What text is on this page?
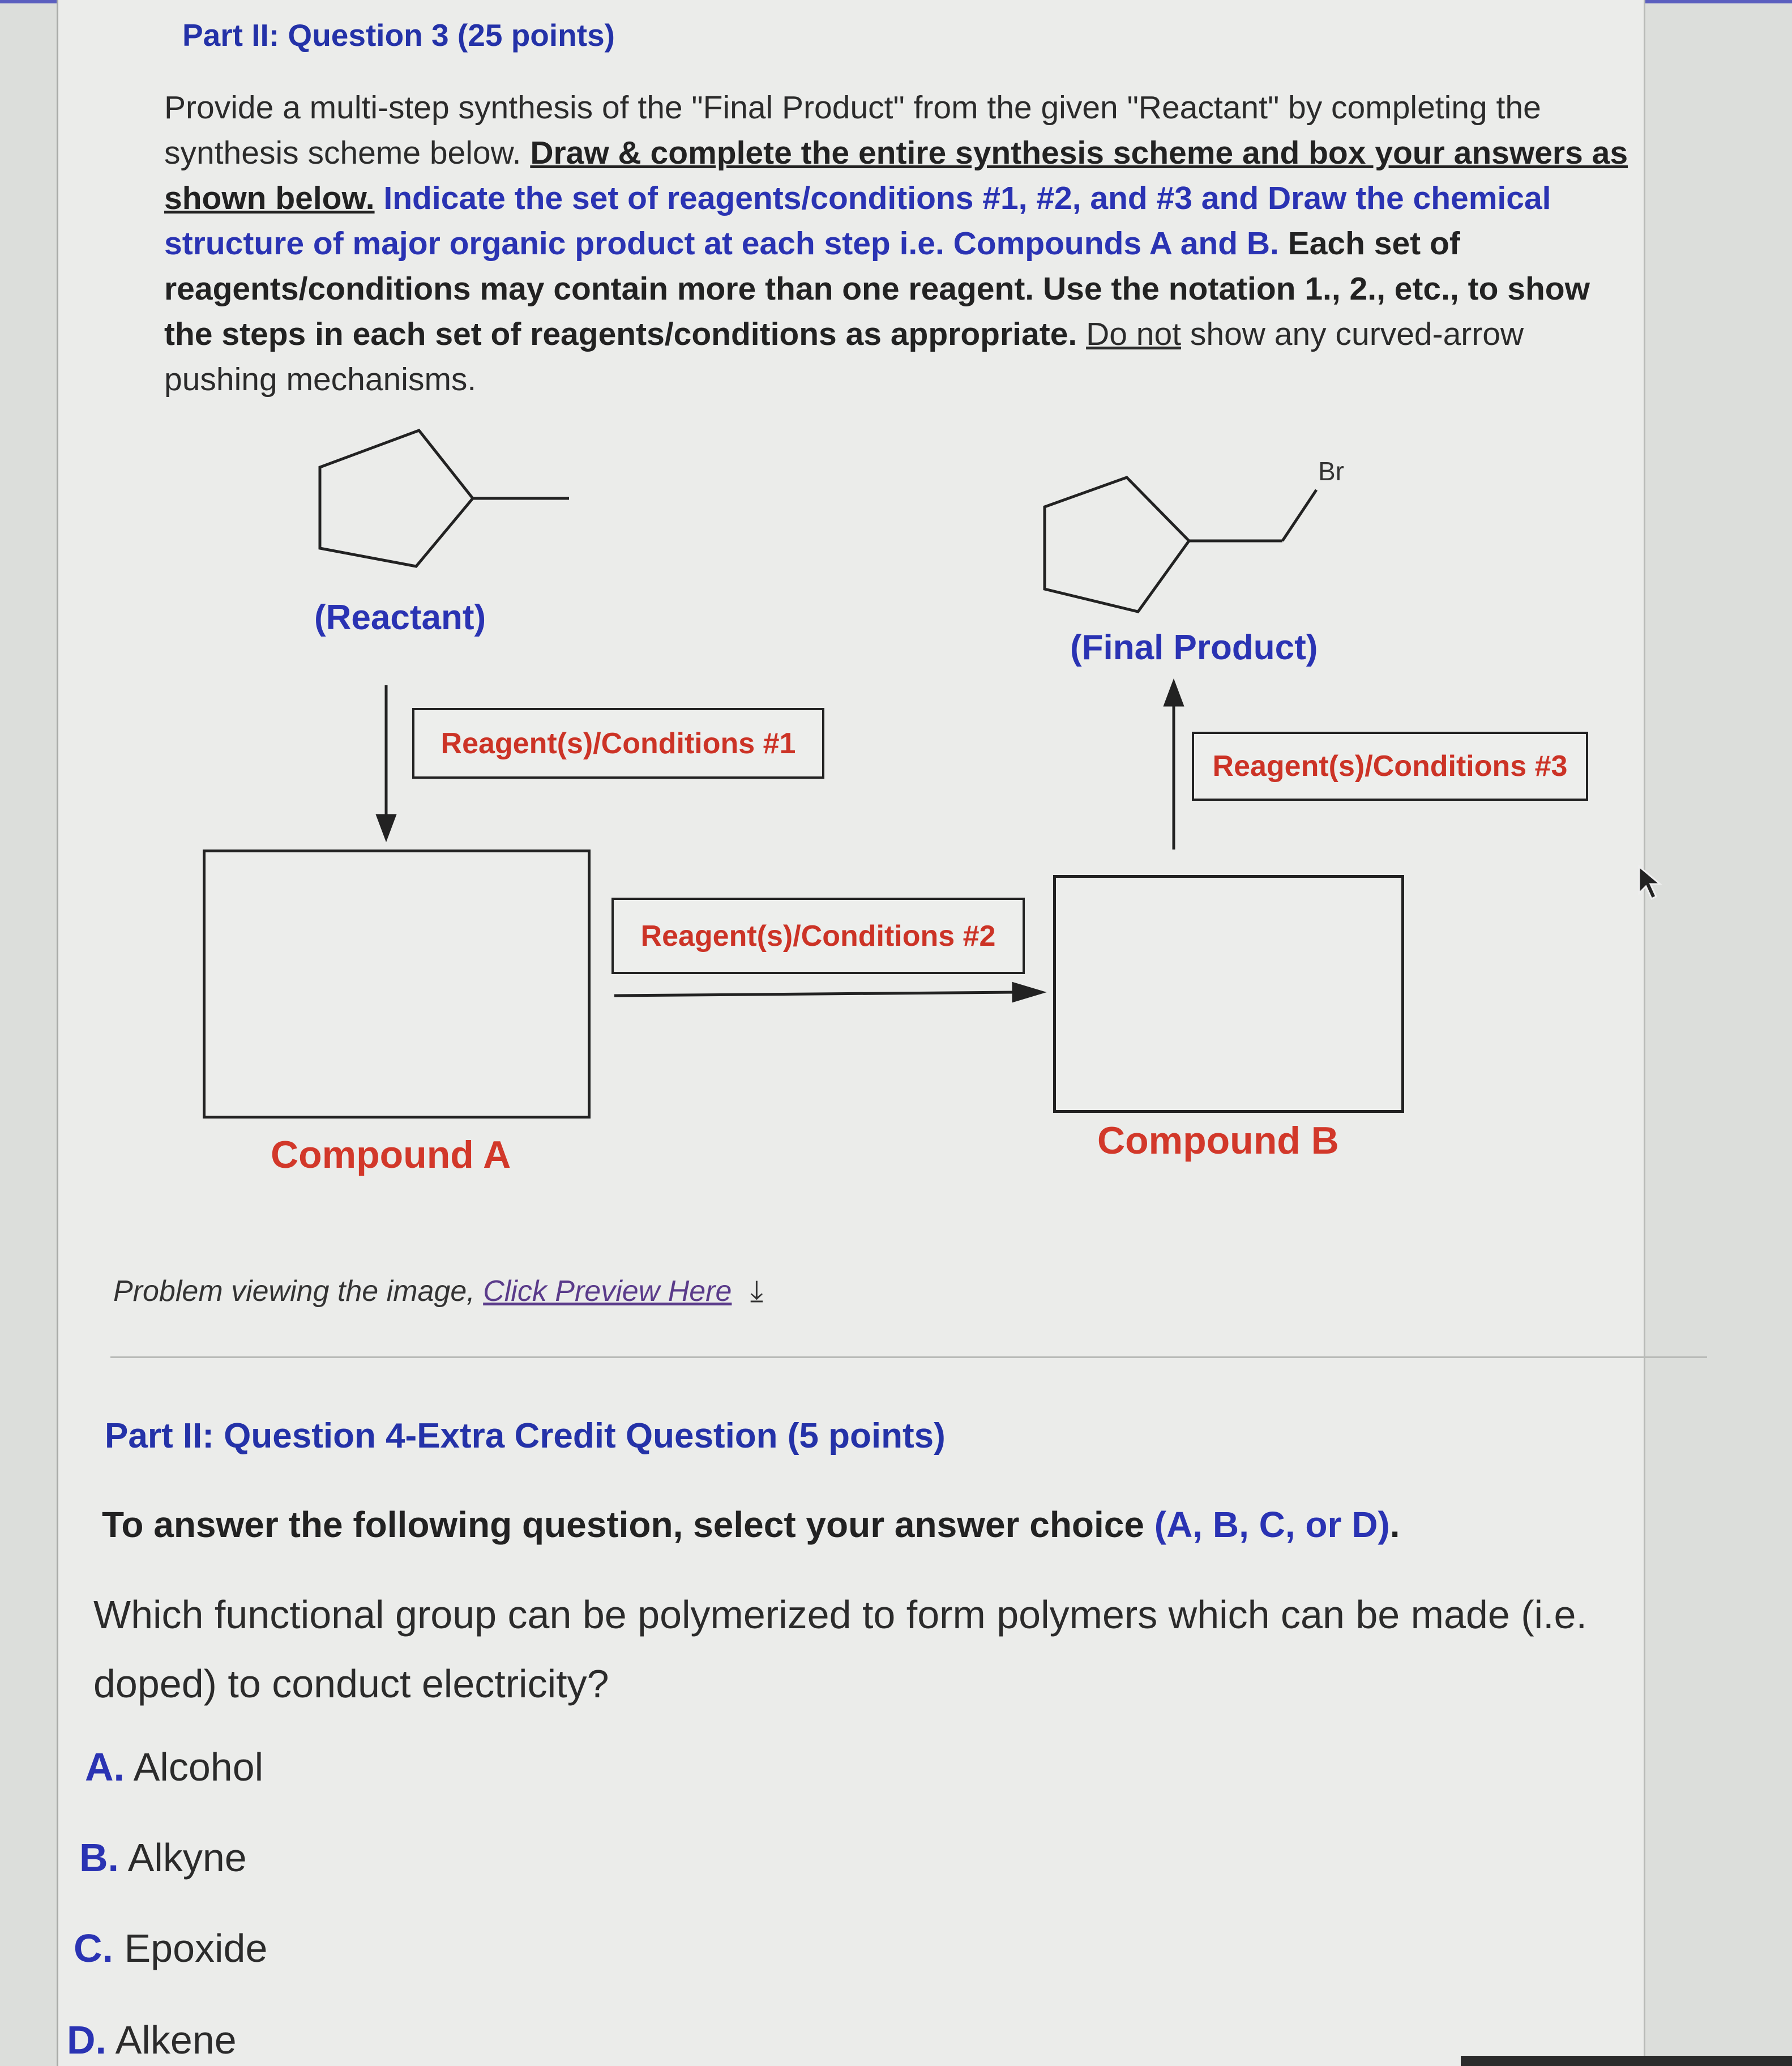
Part II: Question 3 (25 points)
Provide a multi-step synthesis of the "Final Product" from the given "Reactant" by completing the synthesis scheme below. Draw & complete the entire synthesis scheme and box your answers as shown below. Indicate the set of reagents/conditions #1, #2, and #3 and Draw the chemical structure of major organic product at each step i.e. Compounds A and B. Each set of reagents/conditions may contain more than one reagent. Use the notation 1., 2., etc., to show the steps in each set of reagents/conditions as appropriate. Do not show any curved-arrow pushing mechanisms.
Br
(Reactant)
(Final Product)
Reagent(s)/Conditions #1
Reagent(s)/Conditions #2
Reagent(s)/Conditions #3
Compound A	Compound B
Problem viewing the image, Click Preview Here ⤓
Part II: Question 4-Extra Credit Question (5 points)
To answer the following question, select your answer choice (A, B, C, or D).
Which functional group can be polymerized to form polymers which can be made (i.e. doped) to conduct electricity?
A. Alcohol
B. Alkyne
C. Epoxide
D. Alkene
